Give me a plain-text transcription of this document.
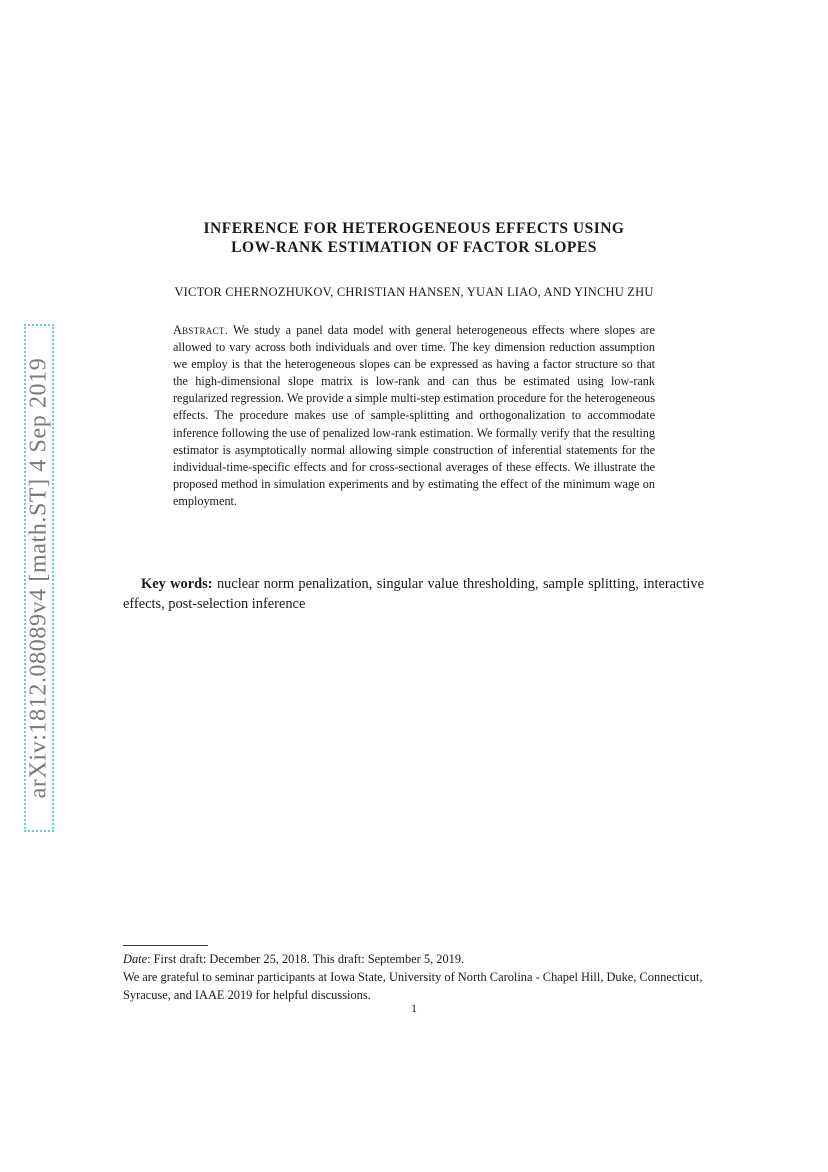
arXiv:1812.08089v4 [math.ST] 4 Sep 2019
INFERENCE FOR HETEROGENEOUS EFFECTS USING
LOW-RANK ESTIMATION OF FACTOR SLOPES
VICTOR CHERNOZHUKOV, CHRISTIAN HANSEN, YUAN LIAO, AND YINCHU ZHU
Abstract. We study a panel data model with general heterogeneous effects where slopes are allowed to vary across both individuals and over time. The key dimension reduction assumption we employ is that the heterogeneous slopes can be expressed as having a factor structure so that the high-dimensional slope matrix is low-rank and can thus be estimated using low-rank regularized regression. We provide a simple multi-step estimation procedure for the heterogeneous effects. The procedure makes use of sample-splitting and orthogonalization to accommodate inference following the use of penalized low-rank estimation. We formally verify that the resulting estimator is asymptotically normal allowing simple construction of inferential statements for the individual-time-specific effects and for cross-sectional averages of these effects. We illustrate the proposed method in simulation experiments and by estimating the effect of the minimum wage on employment.
Key words: nuclear norm penalization, singular value thresholding, sample splitting, interactive effects, post-selection inference
Date: First draft: December 25, 2018. This draft: September 5, 2019.
We are grateful to seminar participants at Iowa State, University of North Carolina - Chapel Hill, Duke, Connecticut, Syracuse, and IAAE 2019 for helpful discussions.
1
